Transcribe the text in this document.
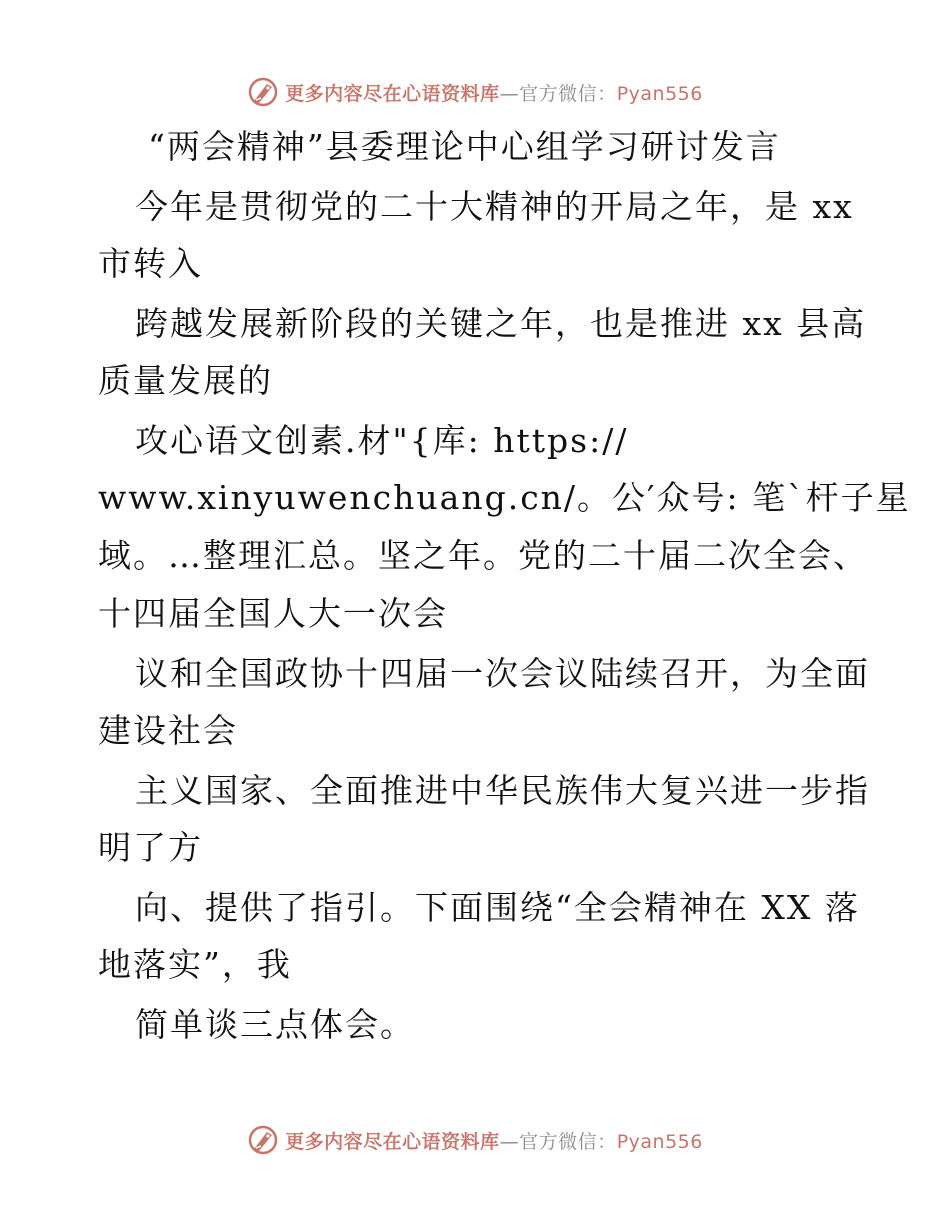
更多内容尽在心语资料库—官方微信：Pyan556
“两会精神”县委理论中心组学习研讨发言
今年是贯彻党的二十大精神的开局之年，是 xx
市转入
跨越发展新阶段的关键之年，也是推进 xx 县高
质量发展的
攻心语文创素.材"{库: https://
www.xinyuwenchuang.cn/。公′众号: 笔`杆子星
域。…整理汇总。坚之年。党的二十届二次全会、
十四届全国人大一次会
议和全国政协十四届一次会议陆续召开，为全面
建设社会
主义国家、全面推进中华民族伟大复兴进一步指
明了方
向、提供了指引。下面围绕“全会精神在 XX 落
地落实”，我
简单谈三点体会。
更多内容尽在心语资料库—官方微信：Pyan556
